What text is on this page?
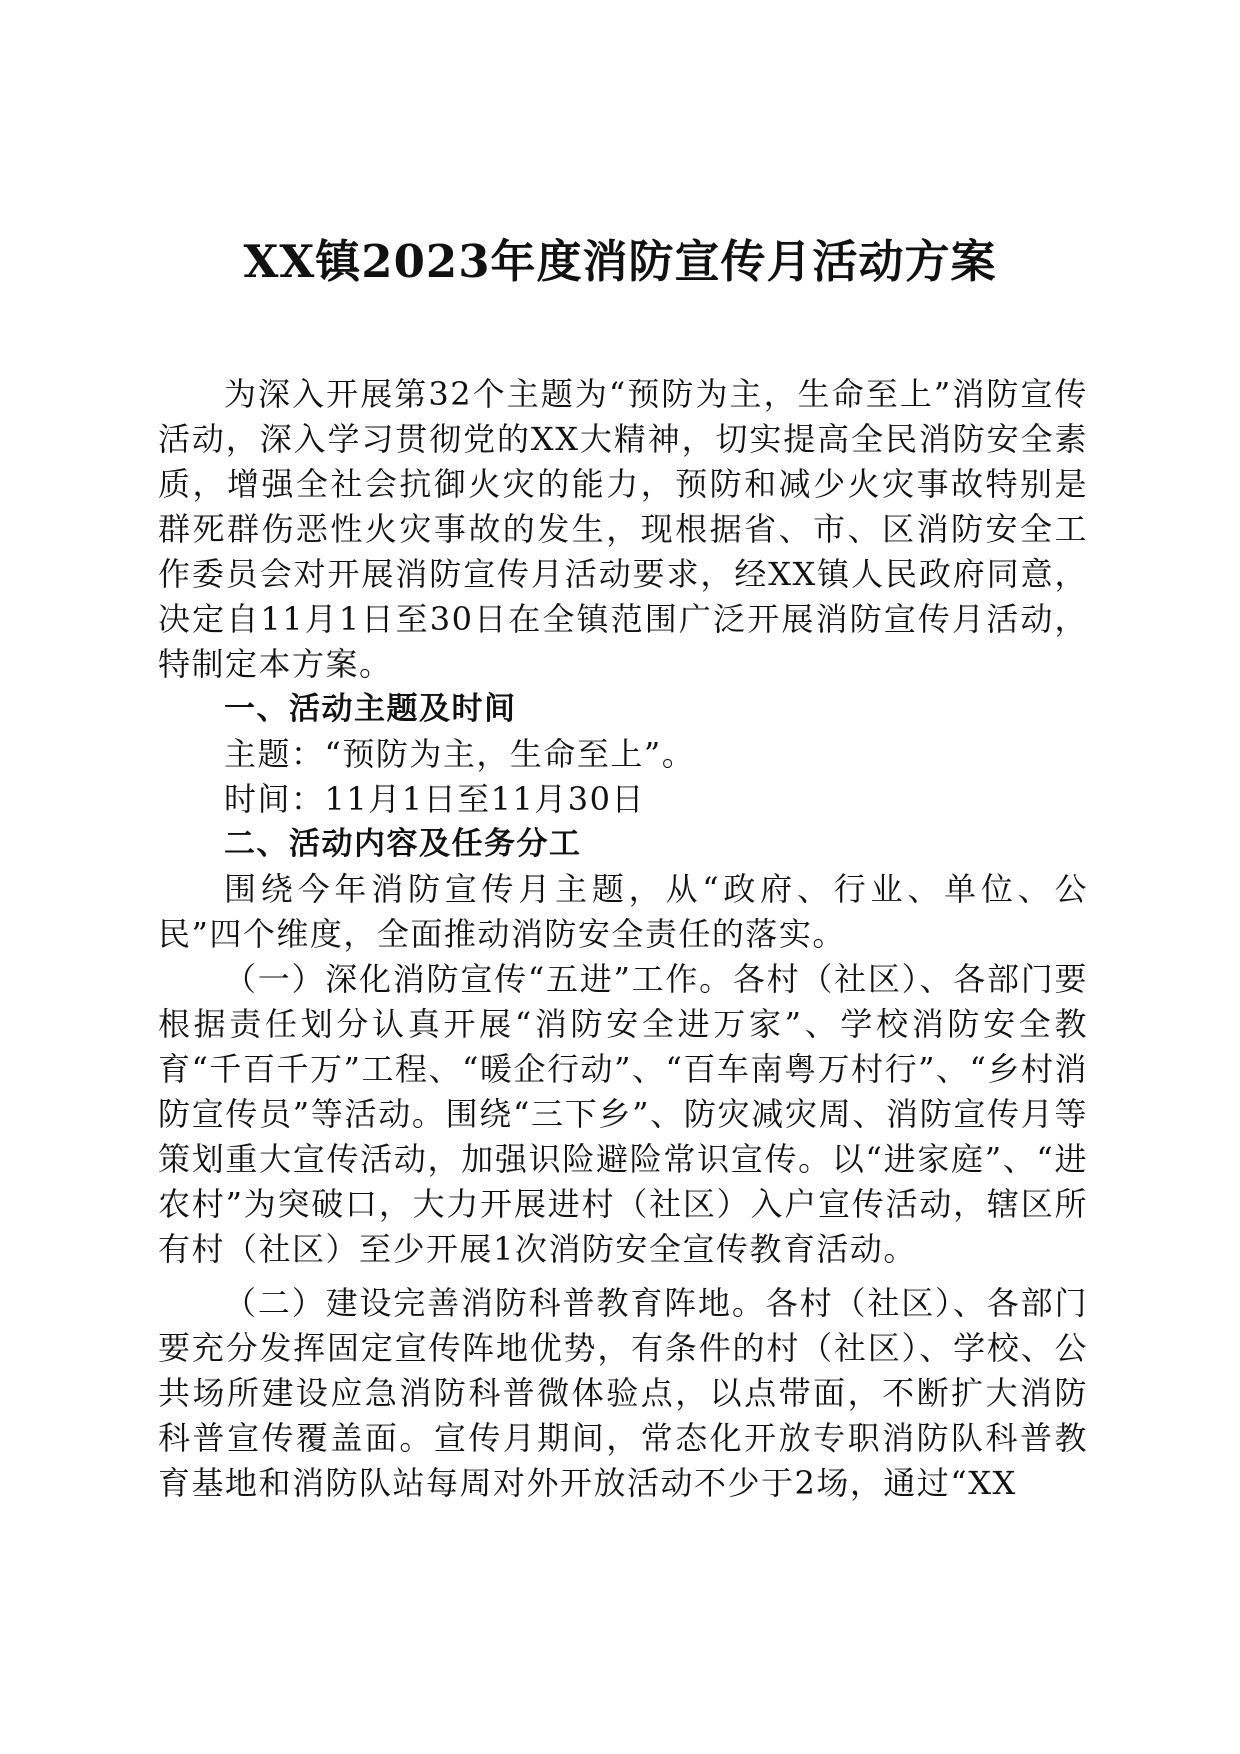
XX镇2023年度消防宣传月活动方案

为深入开展第32个主题为“预防为主，生命至上”消防宣传活动，深入学习贯彻党的XX大精神，切实提高全民消防安全素质，增强全社会抗御火灾的能力，预防和减少火灾事故特别是群死群伤恶性火灾事故的发生，现根据省、市、区消防安全工作委员会对开展消防宣传月活动要求，经XX镇人民政府同意，决定自11月1日至30日在全镇范围广泛开展消防宣传月活动，特制定本方案。

一、活动主题及时间

主题：“预防为主，生命至上”。

时间：11月1日至11月30日

二、活动内容及任务分工

围绕今年消防宣传月主题，从“政府、行业、单位、公民”四个维度，全面推动消防安全责任的落实。

（一）深化消防宣传“五进”工作。各村（社区）、各部门要根据责任划分认真开展“消防安全进万家”、学校消防安全教育“千百千万”工程、“暖企行动”、“百车南粤万村行”、“乡村消防宣传员”等活动。围绕“三下乡”、防灾减灾周、消防宣传月等策划重大宣传活动，加强识险避险常识宣传。以“进家庭”、“进农村”为突破口，大力开展进村（社区）入户宣传活动，辖区所有村（社区）至少开展1次消防安全宣传教育活动。

（二）建设完善消防科普教育阵地。各村（社区）、各部门要充分发挥固定宣传阵地优势，有条件的村（社区）、学校、公共场所建设应急消防科普微体验点，以点带面，不断扩大消防科普宣传覆盖面。宣传月期间，常态化开放专职消防队科普教育基地和消防队站每周对外开放活动不少于2场，通过“XX
